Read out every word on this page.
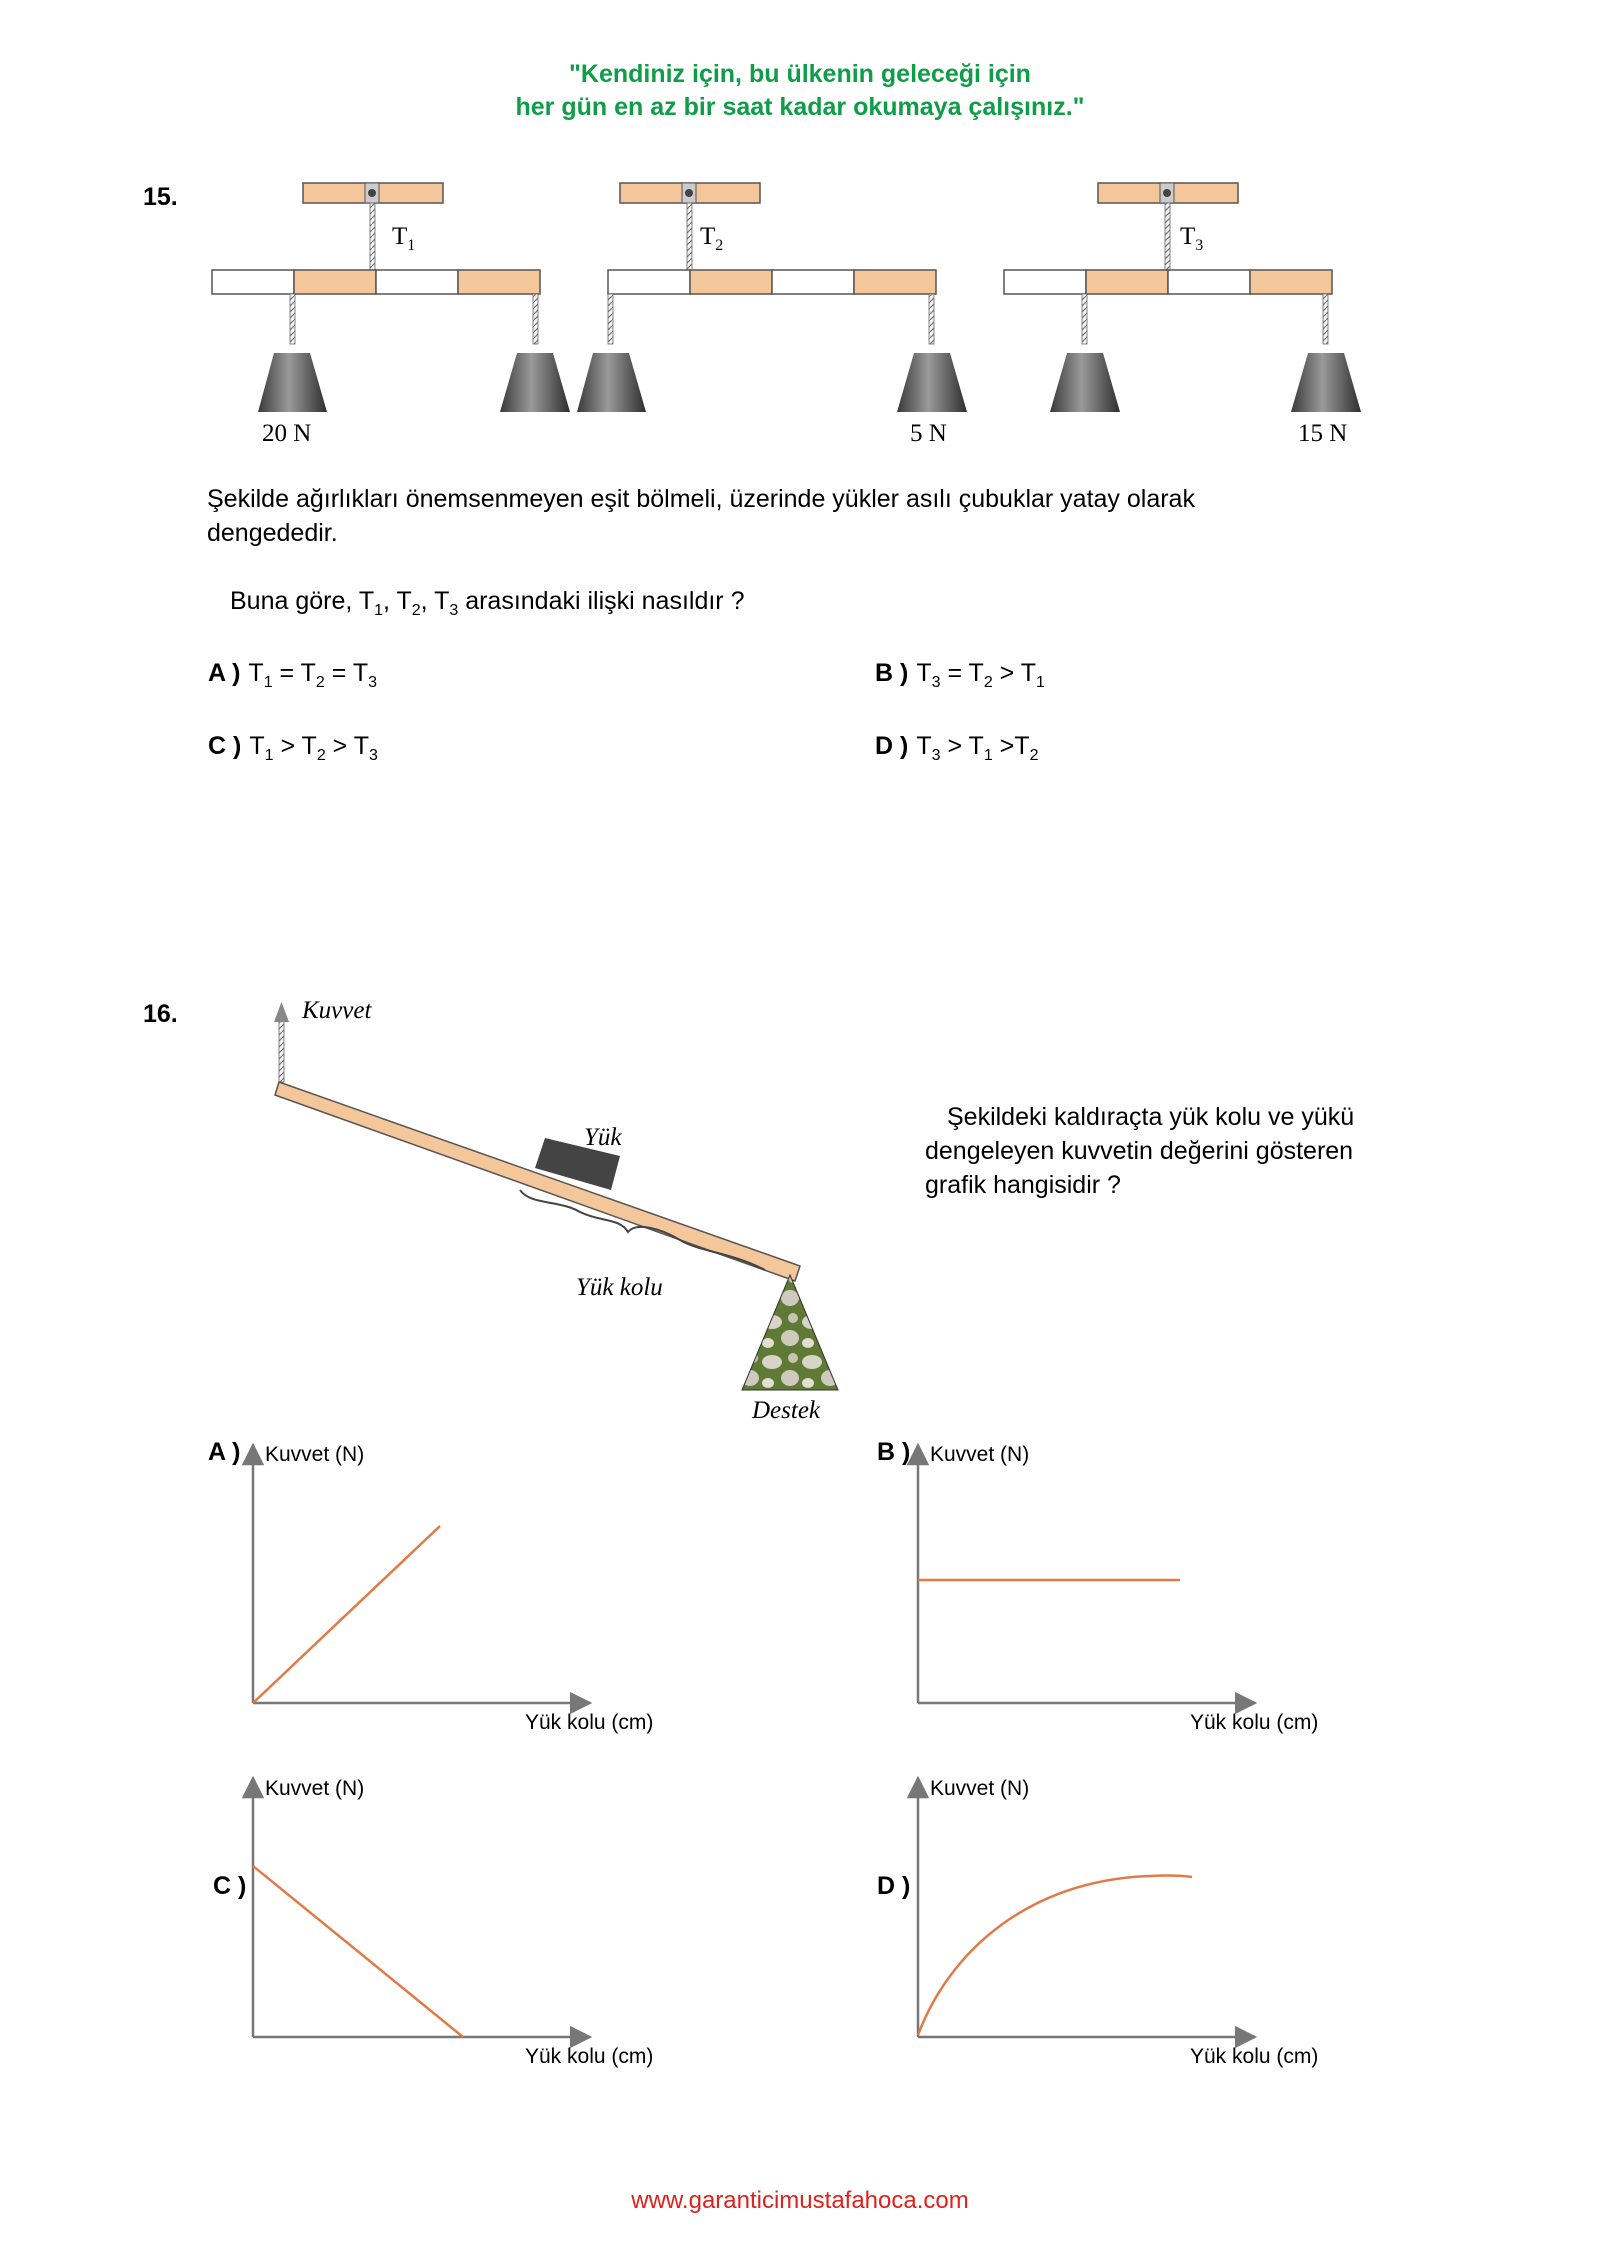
"Kendiniz için, bu ülkenin geleceği için
her gün en az bir saat kadar okumaya çalışınız."
15.
$T_1$	$T_2$	$T_3$
20 N	5 N	15 N
Şekilde ağırlıkları önemsenmeyen eşit bölmeli, üzerinde yükler asılı çubuklar yatay olarak
dengededir.
Buna göre, $T_1$, $T_2$, $T_3$ arasındaki ilişki nasıldır ?
A ) $T_1 = T_2 = T_3$	B ) $T_3 = T_2 > T_1$
C ) $T_1 > T_2 > T_3$	D ) $T_3 > T_1 >T_2$
16.	Kuvvet
Yük
Yük kolu
Destek
Şekildeki kaldıraçta yük kolu ve yükü
dengeleyen kuvvetin değerini gösteren
grafik hangisidir ?
A )	B )
C )	D )
Kuvvet (N)
Yük kolu (cm)
Kuvvet (N)
Yük kolu (cm)
Kuvvet (N)
Yük kolu (cm)
Kuvvet (N)
Yük kolu (cm)
www.garanticimustafahoca.com
